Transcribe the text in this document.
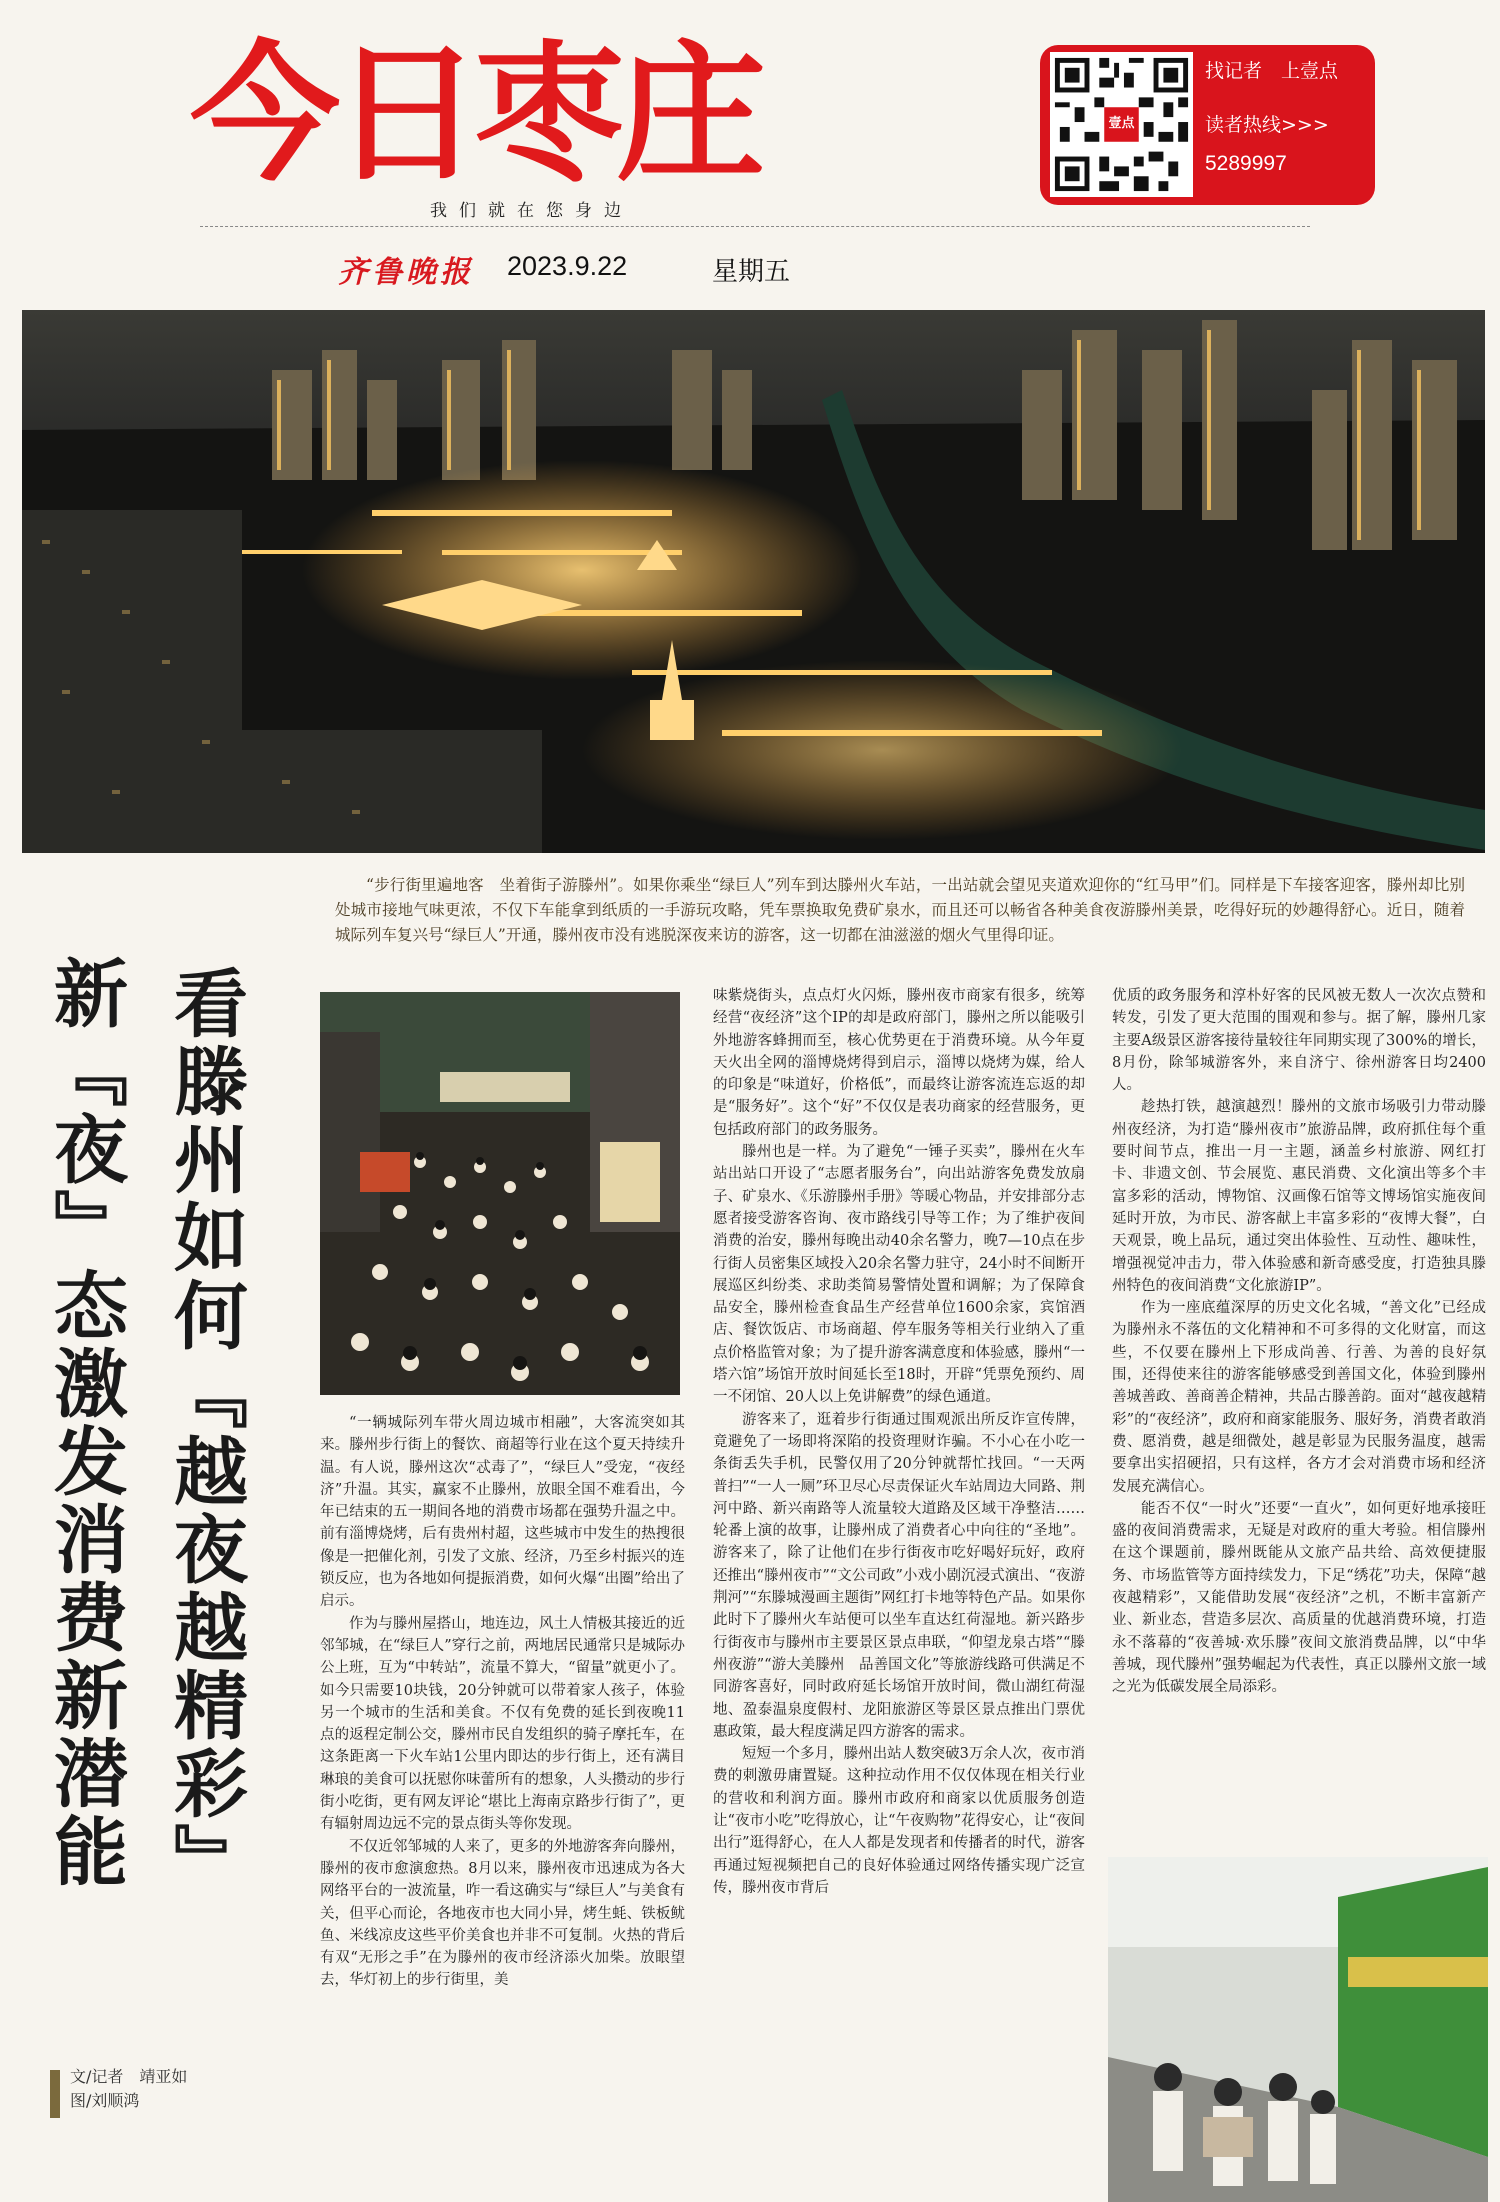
今日枣庄
我们就在您身边
齐鲁晚报 2023.9.22	星期五
壹点
找记者　上壹点
读者热线>>>
5289997
“步行街里遍地客　坐着街子游滕州”。如果你乘坐“绿巨人”列车到达滕州火车站，一出站就会望见夹道欢迎你的“红马甲”们。同样是下车接客迎客，滕州却比别处城市接地气味更浓，不仅下车能拿到纸质的一手游玩攻略，凭车票换取免费矿泉水，而且还可以畅省各种美食夜游滕州美景，吃得好玩的妙趣得舒心。近日，随着城际列车复兴号“绿巨人”开通，滕州夜市没有逃脱深夜来访的游客，这一切都在油滋滋的烟火气里得印证。
看滕州如何『越夜越精彩』
新『夜』态激发消费新潜能	“一辆城际列车带火周边城市相融”，大客流突如其来。滕州步行街上的餐饮、商超等行业在这个夏天持续升温。有人说，滕州这次“忒毒了”，“绿巨人”受宠，“夜经济”升温。其实，赢家不止滕州，放眼全国不难看出，今年已结束的五一期间各地的消费市场都在强势升温之中。前有淄博烧烤，后有贵州村超，这些城市中发生的热搜很像是一把催化剂，引发了文旅、经济，乃至乡村振兴的连锁反应，也为各地如何提振消费，如何火爆“出圈”给出了启示。

作为与滕州屋搭山，地连边，风土人情极其接近的近邻邹城，在“绿巨人”穿行之前，两地居民通常只是城际办公上班，互为“中转站”，流量不算大，“留量”就更小了。如今只需要10块钱，20分钟就可以带着家人孩子，体验另一个城市的生活和美食。不仅有免费的延长到夜晚11点的返程定制公交，滕州市民自发组织的骑子摩托车，在这条距离一下火车站1公里内即达的步行街上，还有满目琳琅的美食可以抚慰你味蕾所有的想象，人头攒动的步行街小吃街，更有网友评论“堪比上海南京路步行街了”，更有辐射周边远不完的景点街头等你发现。

不仅近邻邹城的人来了，更多的外地游客奔向滕州，滕州的夜市愈演愈热。8月以来，滕州夜市迅速成为各大网络平台的一波流量，咋一看这确实与“绿巨人”与美食有关，但平心而论，各地夜市也大同小异，烤生蚝、铁板鱿鱼、米线凉皮这些平价美食也并非不可复制。火热的背后有双“无形之手”在为滕州的夜市经济添火加柴。放眼望去，华灯初上的步行街里，美

味紫烧街头，点点灯火闪烁，滕州夜市商家有很多，统筹经营“夜经济”这个IP的却是政府部门，滕州之所以能吸引外地游客蜂拥而至，核心优势更在于消费环境。从今年夏天火出全网的淄博烧烤得到启示，淄博以烧烤为媒，给人的印象是“味道好，价格低”，而最终让游客流连忘返的却是“服务好”。这个“好”不仅仅是表功商家的经营服务，更包括政府部门的政务服务。

滕州也是一样。为了避免“一锤子买卖”，滕州在火车站出站口开设了“志愿者服务台”，向出站游客免费发放扇子、矿泉水、《乐游滕州手册》等暖心物品，并安排部分志愿者接受游客咨询、夜市路线引导等工作；为了维护夜间消费的治安，滕州每晚出动40余名警力，晚7—10点在步行街人员密集区域投入20余名警力驻守，24小时不间断开展巡区纠纷类、求助类简易警情处置和调解；为了保障食品安全，滕州检查食品生产经营单位1600余家，宾馆酒店、餐饮饭店、市场商超、停车服务等相关行业纳入了重点价格监管对象；为了提升游客满意度和体验感，滕州“一塔六馆”场馆开放时间延长至18时，开辟“凭票免预约、周一不闭馆、20人以上免讲解费”的绿色通道。

游客来了，逛着步行街通过围观派出所反诈宣传牌，竟避免了一场即将深陷的投资理财诈骗。不小心在小吃一条街丢失手机，民警仅用了20分钟就帮忙找回。“一天两普扫”“一人一厕”环卫尽心尽责保证火车站周边大同路、荆河中路、新兴南路等人流量较大道路及区域干净整洁……轮番上演的故事，让滕州成了消费者心中向往的“圣地”。游客来了，除了让他们在步行街夜市吃好喝好玩好，政府还推出“滕州夜市”“文公司政”小戏小剧沉浸式演出、“夜游荆河”“东滕城漫画主题街”网红打卡地等特色产品。如果你此时下了滕州火车站便可以坐车直达红荷湿地。新兴路步行街夜市与滕州市主要景区景点串联，“仰望龙泉古塔”“滕州夜游”“游大美滕州　品善国文化”等旅游线路可供满足不同游客喜好，同时政府延长场馆开放时间，微山湖红荷湿地、盈泰温泉度假村、龙阳旅游区等景区景点推出门票优惠政策，最大程度满足四方游客的需求。

短短一个多月，滕州出站人数突破3万余人次，夜市消费的刺激毋庸置疑。这种拉动作用不仅仅体现在相关行业的营收和利润方面。滕州市政府和商家以优质服务创造让“夜市小吃”吃得放心，让“午夜购物”花得安心，让“夜间出行”逛得舒心，在人人都是发现者和传播者的时代，游客再通过短视频把自己的良好体验通过网络传播实现广泛宣传，滕州夜市背后

优质的政务服务和淳朴好客的民风被无数人一次次点赞和转发，引发了更大范围的围观和参与。据了解，滕州几家主要A级景区游客接待量较往年同期实现了300%的增长，8月份，除邹城游客外，来自济宁、徐州游客日均2400人。

趁热打铁，越演越烈！滕州的文旅市场吸引力带动滕州夜经济，为打造“滕州夜市”旅游品牌，政府抓住每个重要时间节点，推出一月一主题，涵盖乡村旅游、网红打卡、非遗文创、节会展览、惠民消费、文化演出等多个丰富多彩的活动，博物馆、汉画像石馆等文博场馆实施夜间延时开放，为市民、游客献上丰富多彩的“夜博大餐”，白天观景，晚上品玩，通过突出体验性、互动性、趣味性，增强视觉冲击力，带入体验感和新奇感受度，打造独具滕州特色的夜间消费“文化旅游IP”。

作为一座底蕴深厚的历史文化名城，“善文化”已经成为滕州永不落伍的文化精神和不可多得的文化财富，而这些，不仅要在滕州上下形成尚善、行善、为善的良好氛围，还得使来往的游客能够感受到善国文化，体验到滕州善城善政、善商善企精神，共品古滕善韵。面对“越夜越精彩”的“夜经济”，政府和商家能服务、服好务，消费者敢消费、愿消费，越是细微处，越是彰显为民服务温度，越需要拿出实招硬招，只有这样，各方才会对消费市场和经济发展充满信心。

能否不仅“一时火”还要“一直火”，如何更好地承接旺盛的夜间消费需求，无疑是对政府的重大考验。相信滕州在这个课题前，滕州既能从文旅产品共给、高效便捷服务、市场监管等方面持续发力，下足“绣花”功夫，保障“越夜越精彩”，又能借助发展“夜经济”之机，不断丰富新产业、新业态，营造多层次、高质量的优越消费环境，打造永不落幕的“夜善城·欢乐滕”夜间文旅消费品牌，以“中华善城，现代滕州”强势崛起为代表性，真正以滕州文旅一域之光为低碳发展全局添彩。

文/记者　靖亚如
图/刘顺鸿
